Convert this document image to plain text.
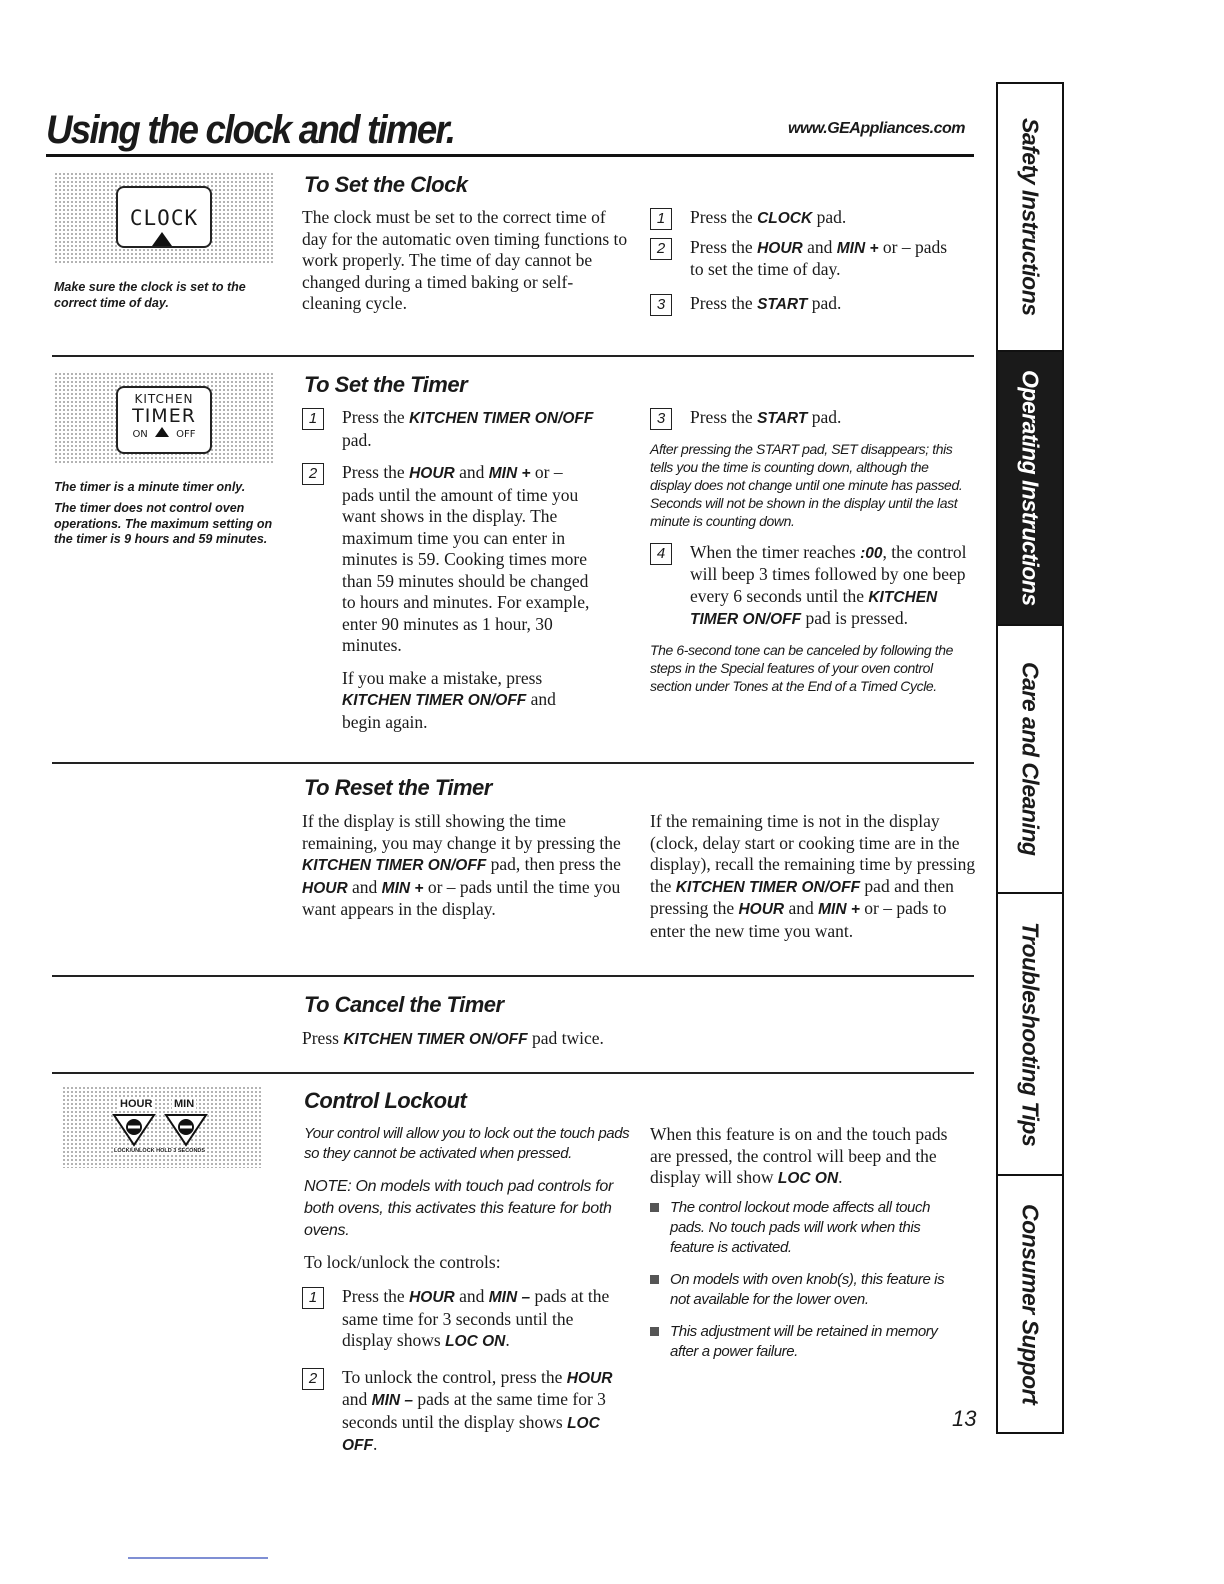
Using the clock and timer.	www.GEAppliances.com
CLOCK
Make sure the clock is set to the correct time of day.
To Set the Clock
The clock must be set to the correct time of day for the automatic oven timing functions to work properly. The time of day cannot be changed during a timed baking or self-cleaning cycle.
1	Press the CLOCK pad.
2	Press the HOUR and MIN + or – pads to set the time of day.
3	Press the START pad.
KITCHEN
TIMER
ON	OFF
The timer is a minute timer only.
The timer does not control oven operations. The maximum setting on the timer is 9 hours and 59 minutes.
To Set the Timer
1	Press the KITCHEN TIMER ON/OFF pad.
2	Press the HOUR and MIN + or – pads until the amount of time you want shows in the display. The maximum time you can enter in minutes is 59. Cooking times more than 59 minutes should be changed to hours and minutes. For example, enter 90 minutes as 1 hour, 30 minutes.
If you make a mistake, press KITCHEN TIMER ON/OFF and begin again.
3	Press the START pad.
After pressing the START pad, SET disappears; this tells you the time is counting down, although the display does not change until one minute has passed. Seconds will not be shown in the display until the last minute is counting down.
4	When the timer reaches :00, the control will beep 3 times followed by one beep every 6 seconds until the KITCHEN TIMER ON/OFF pad is pressed.
The 6-second tone can be canceled by following the steps in the Special features of your oven control section under Tones at the End of a Timed Cycle.
To Reset the Timer
If the display is still showing the time remaining, you may change it by pressing the KITCHEN TIMER ON/OFF pad, then press the HOUR and MIN + or – pads until the time you want appears in the display.
If the remaining time is not in the display (clock, delay start or cooking time are in the display), recall the remaining time by pressing the KITCHEN TIMER ON/OFF pad and then pressing the HOUR and MIN + or – pads to enter the new time you want.
To Cancel the Timer
Press KITCHEN TIMER ON/OFF pad twice.
HOUR MIN
LOCK/UNLOCK HOLD 3 SECONDS
Control Lockout
Your control will allow you to lock out the touch pads so they cannot be activated when pressed.
NOTE: On models with touch pad controls for both ovens, this activates this feature for both ovens.
To lock/unlock the controls:
1	Press the HOUR and MIN – pads at the same time for 3 seconds until the display shows LOC ON.
2	To unlock the control, press the HOUR and MIN – pads at the same time for 3 seconds until the display shows LOC OFF.
When this feature is on and the touch pads are pressed, the control will beep and the display will show LOC ON.
The control lockout mode affects all touch pads. No touch pads will work when this feature is activated.
On models with oven knob(s), this feature is not available for the lower oven.
This adjustment will be retained in memory after a power failure.
13
Safety Instructions
Operating Instructions
Care and Cleaning
Troubleshooting Tips
Consumer Support
